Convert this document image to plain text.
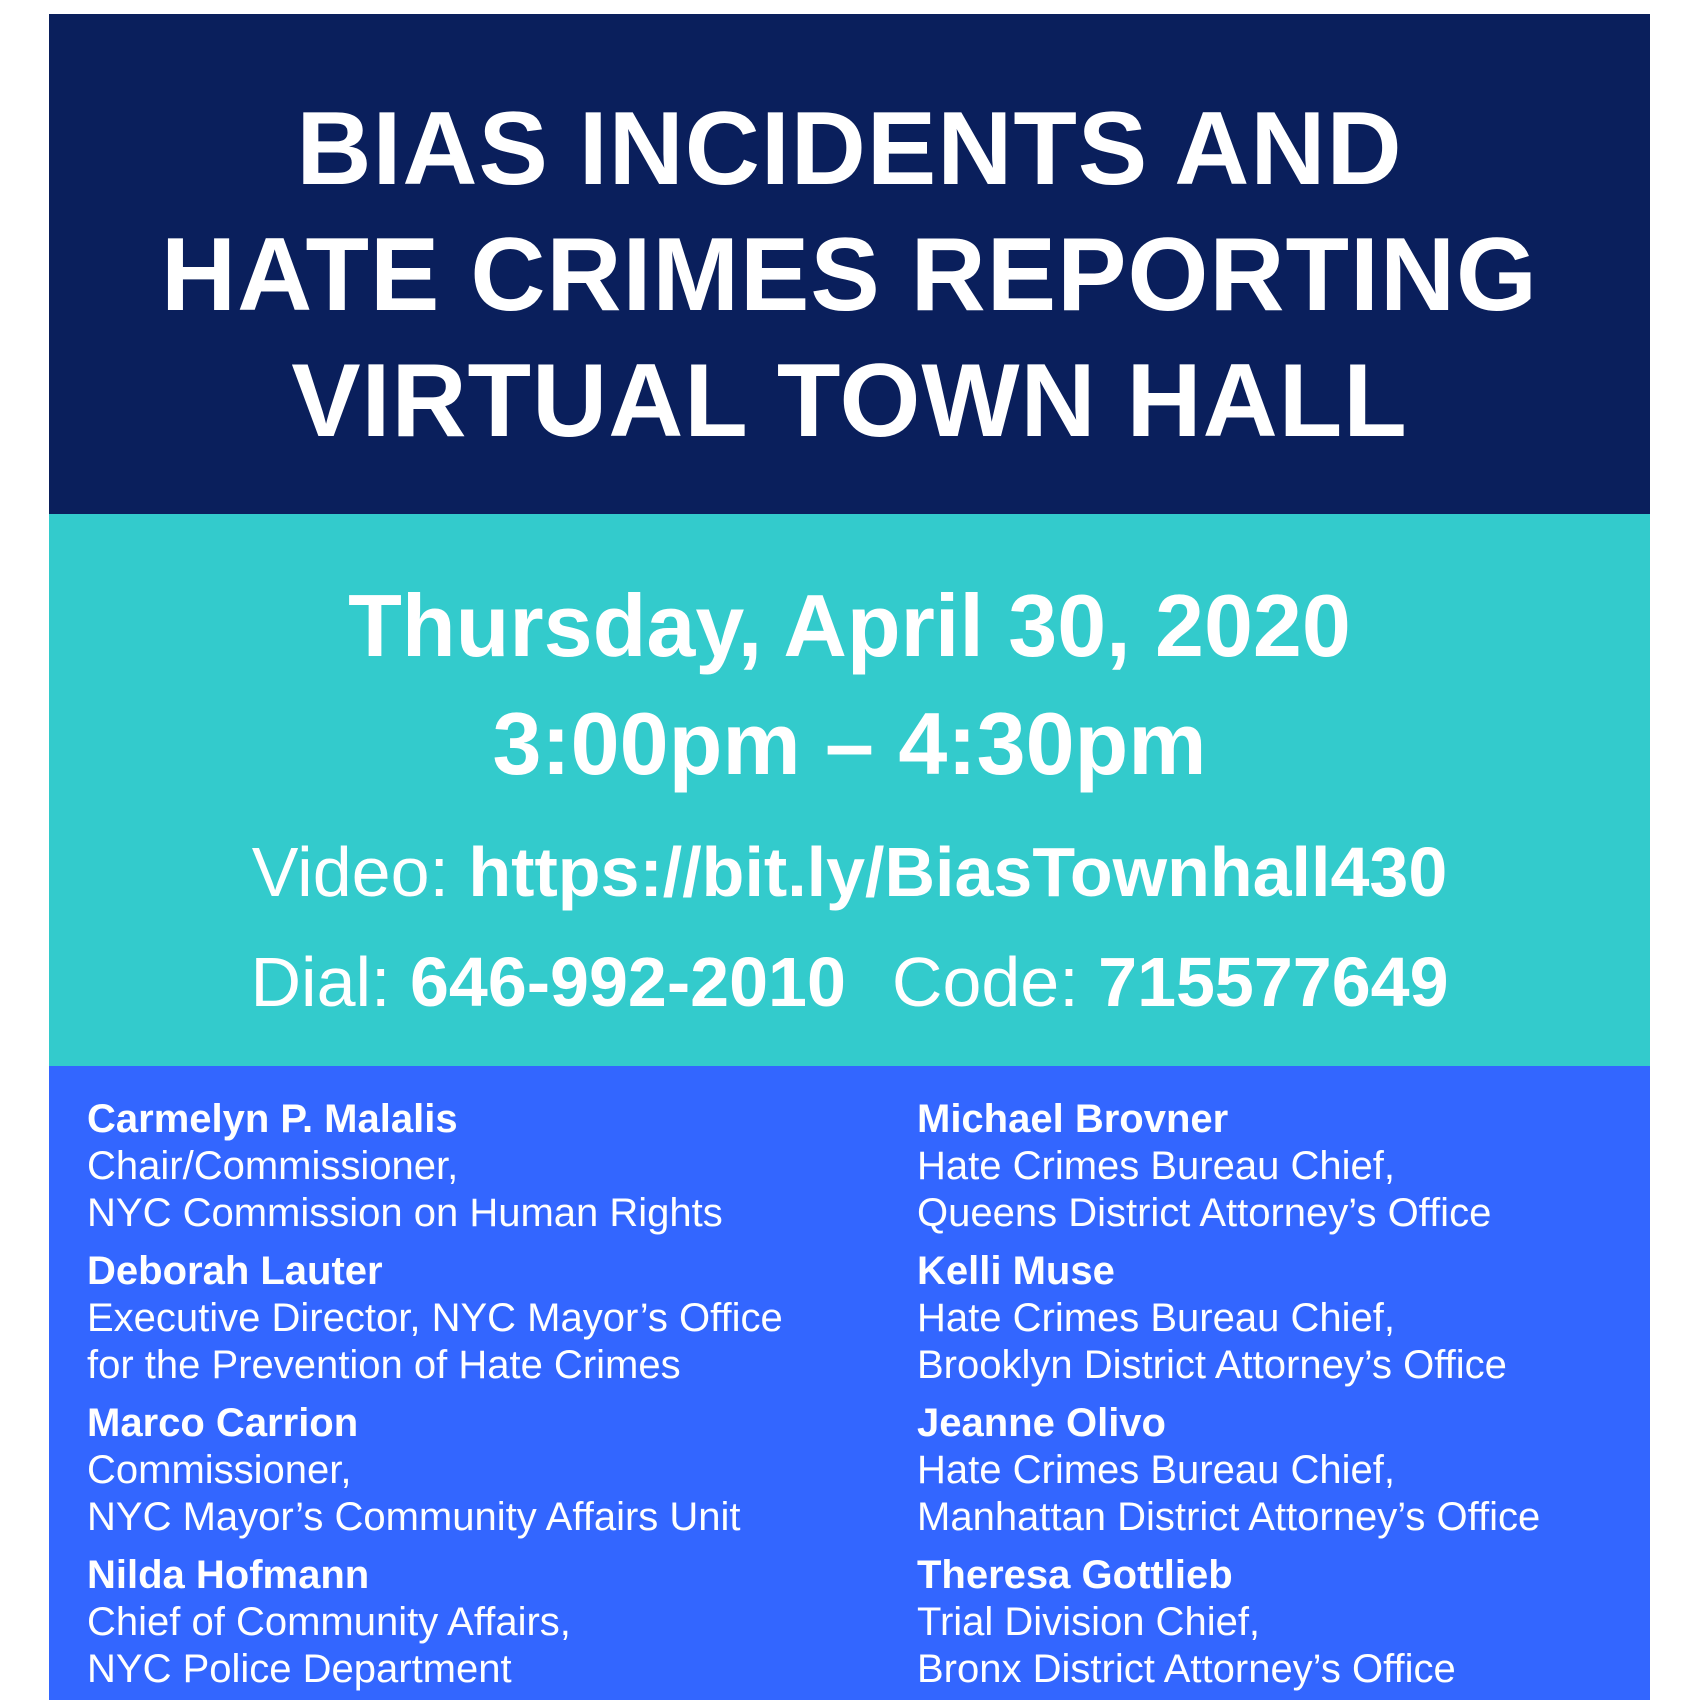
BIAS INCIDENTS AND
HATE CRIMES REPORTING
VIRTUAL TOWN HALL
Thursday, April 30, 2020
3:00pm – 4:30pm
Video: https://bit.ly/BiasTownhall430
Dial: 646-992-2010 Code: 715577649
Carmelyn P. Malalis
Chair/Commissioner,
NYC Commission on Human Rights
Deborah Lauter
Executive Director, NYC Mayor’s Office
for the Prevention of Hate Crimes
Marco Carrion
Commissioner,
NYC Mayor’s Community Affairs Unit
Nilda Hofmann
Chief of Community Affairs,
NYC Police Department
Michael Brovner
Hate Crimes Bureau Chief,
Queens District Attorney’s Office
Kelli Muse
Hate Crimes Bureau Chief,
Brooklyn District Attorney’s Office
Jeanne Olivo
Hate Crimes Bureau Chief,
Manhattan District Attorney’s Office
Theresa Gottlieb
Trial Division Chief,
Bronx District Attorney’s Office
